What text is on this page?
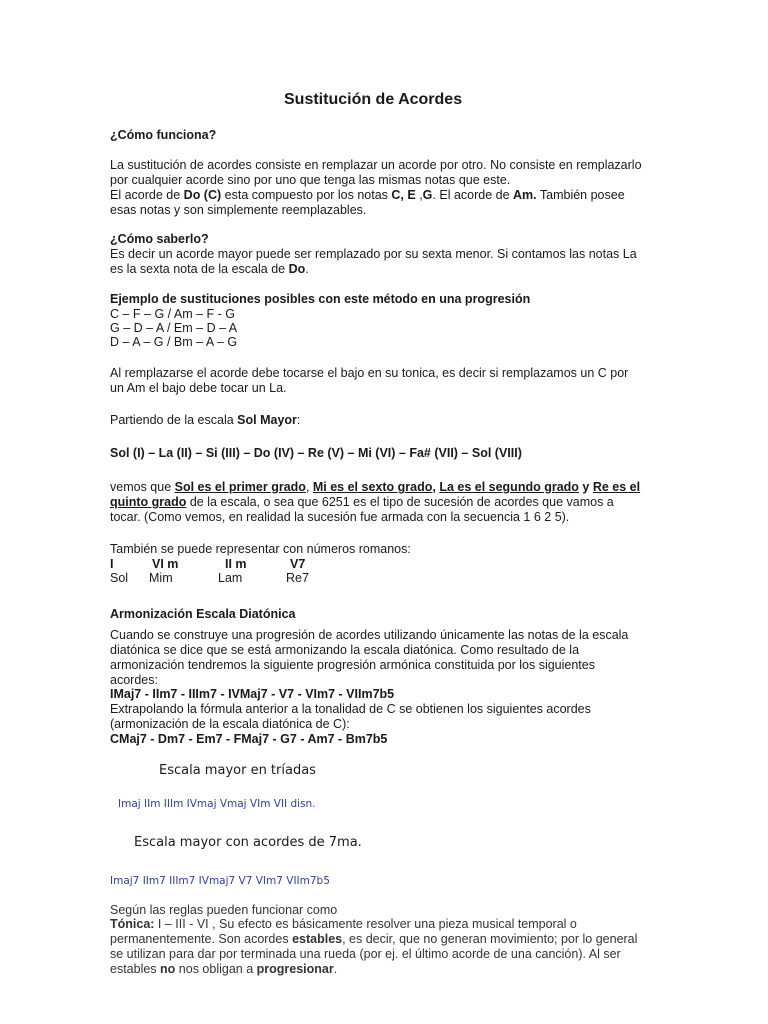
Sustitución de Acordes
¿Cómo funciona?
La sustitución de acordes consiste en remplazar un acorde por otro. No consiste en remplazarlo
por cualquier acorde sino por uno que tenga las mismas notas que este.
El acorde de Do (C) esta compuesto por los notas C, E ,G. El acorde de Am. También posee
esas notas y son simplemente reemplazables.
¿Cómo saberlo?
Es decir un acorde mayor puede ser remplazado por su sexta menor. Si contamos las notas La
es la sexta nota de la escala de Do.
Ejemplo de sustituciones posibles con este método en una progresión
C – F – G / Am – F - G
G – D – A / Em – D – A
D – A – G / Bm – A – G
Al remplazarse el acorde debe tocarse el bajo en su tonica, es decir si remplazamos un C por
un Am el bajo debe tocar un La.
Partiendo de la escala Sol Mayor:
Sol (I) – La (II) – Si (III) – Do (IV) – Re (V) – Mi (VI) – Fa# (VII) – Sol (VIII)
vemos que Sol es el primer grado, Mi es el sexto grado, La es el segundo grado y Re es el
quinto grado de la escala, o sea que 6251 es el tipo de sucesión de acordes que vamos a
tocar. (Como vemos, en realidad la sucesión fue armada con la secuencia 1 6 2 5).
También se puede representar con números romanos:
I	VI m	II m	V7
Sol Mim	Lam	Re7
Armonización Escala Diatónica
Cuando se construye una progresión de acordes utilizando únicamente las notas de la escala
diatónica se dice que se está armonizando la escala diatónica. Como resultado de la
armonización tendremos la siguiente progresión armónica constituida por los siguientes
acordes:
IMaj7 - IIm7 - IIIm7 - IVMaj7 - V7 - VIm7 - VIIm7b5
Extrapolando la fórmula anterior a la tonalidad de C se obtienen los siguientes acordes
(armonización de la escala diatónica de C):
CMaj7 - Dm7 - Em7 - FMaj7 - G7 - Am7 - Bm7b5
Escala mayor en tríadas
Imaj IIm IIIm IVmaj Vmaj VIm VII disn.
Escala mayor con acordes de 7ma.
Imaj7 IIm7 IIIm7 IVmaj7 V7 VIm7 VIIm7b5
Según las reglas pueden funcionar como
Tónica: I – III - VI , Su efecto es básicamente resolver una pieza musical temporal o
permanentemente. Son acordes estables, es decir, que no generan movimiento; por lo general
se utilizan para dar por terminada una rueda (por ej. el último acorde de una canción). Al ser
estables no nos obligan a progresionar.
